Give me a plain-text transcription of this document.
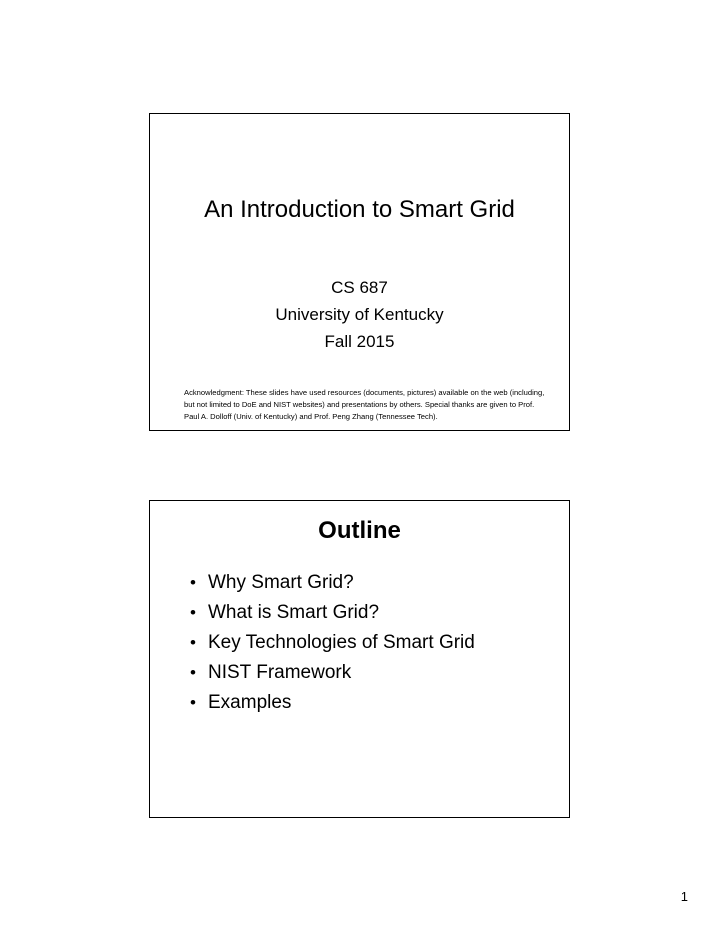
An Introduction to Smart Grid
CS 687
University of Kentucky
Fall 2015

Acknowledgment: These slides have used resources (documents, pictures) available on the web (including, but not limited to DoE and NIST websites) and presentations by others. Special thanks are given to Prof. Paul A. Dolloff (Univ. of Kentucky) and Prof. Peng Zhang (Tennessee Tech).

Outline
• Why Smart Grid?
• What is Smart Grid?
• Key Technologies of Smart Grid
• NIST Framework
• Examples
1
